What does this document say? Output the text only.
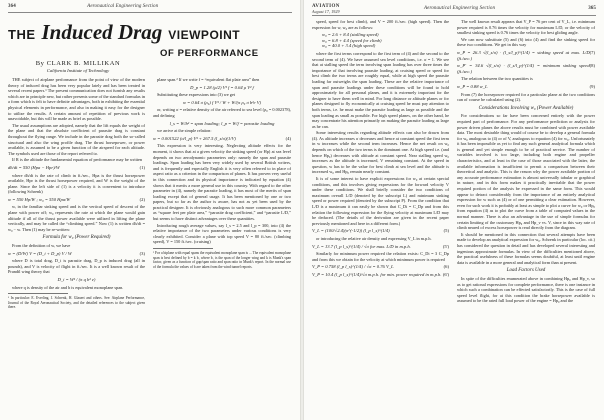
364	Aeronautical Engineering Section
THE Induced Drag VIEWPOINT
OF PERFORMANCE
By CLARK B. MILLIKAN
California Institute of Technology

THE subject of airplane performance from the point of view of the modern theory of induced drag has been very popular lately and has been treated in several recent papers.¹ The present communication does not furnish any results which are in principle new, but rather presents some of the standard formulas in a form which is felt to have definite advantages, both in exhibiting the essential physical elements in performance, and also in making it easy for the designer to utilize the results. A certain amount of repetition of previous work is unavoidable, but this will be made as brief as possible.

The usual assumptions are adopted, namely that the lift equals the weight of the plane and that the absolute coefficient of parasite drag is constant throughout the flying range. We include in the parasite drag both the so-called structural and also the wing profile drag. The thrust horsepower, or power available, is assumed to be a given function of the airspeed for each altitude. The symbols used are those of the report referred to.

If R is the altitude the fundamental equation of performance may be written

dh/dt = 550 (Hpa − Hpr)/W	(1)

where dh/dt is the rate of climb in ft./sec., Hpa is the thrust horsepower available, Hpr is the thrust horsepower required, and W is the weight of the plane. Since the left side of (1) is a velocity it is convenient to introduce (following Schrenk)

w = 550 Hp/W ; w₀ = 550 Hpa/W	(2)

w, in the familiar sinking speed and is the vertical speed of descent of the plane with power off; w₀ represents the rate at which the plane would gain altitude if all of the thrust power available were utilized in lifting the plane vertically, and may be called the “climbing speed.” Now (1) is written dh/dt = w₀ − w. Then (1) may be re-written:

Formula for w₀ (Power Required)

From the definition of w, we have

w = (D/W) V = (D_i + D_p) V / W	(3)

where D is total drag, D_i is parasite drag, D_p is induced drag (all in pounds), and V is velocity of flight in ft./sec. It is a well known result of the Prandtl wing theory that

D_i = W² / (π q b² e)

where q is density of the air and b is equivalent monoplane span.

¹ In particular: E. Everling, J. Schrenk, H. Glauert and others. See: Airplane Performance, Journal of the Royal Aeronautical Society, and the detailed references to the subject given there.

plane span.² If we write f = “equivalent flat plate area” then

D_p = 1.28 (ρ/2) V² f = 0.64 ρ V² f

Substituting these expressions into (3) we get

w = 0.64 σ (ρ₀) f V³ / W + W/(π ρ₀ σ b²e V)

or, writing σ = relative density of the air referred to sea level (ρ₀ = 0.002378), and defining

l_s = W/b² = span loading; l_p = W/f = parasite loading

we arrive at the simple relation:

w = 0.001522 (σ/l_p) V³ + 267.5 (l_s/σ)(1/V)	(4)

This expression is very interesting. Neglecting altitude effects for the moment, it shows that at a given velocity the sinking speed (or Hp) at sea level depends on two aerodynamic parameters only: namely the span and parasite loadings. Span loading has been very widely used by several British writers, and is frequently and especially English it is very often referred to in place of aspect ratio as a criterion in the comparison of planes. It has proven very useful in this connection and its physical importance is indicated by equation (4) shows that it merits a more general use in this country. With regard to the other parameter in (4), namely the parasite loading, it has most of the merits of span loading except that of general usage. It has been mentioned by one or two papers, but so far as the author is aware, has not as yet been used by the practical designer. It is obviously analogous to such more common parameters as “square feet per plate area,” “parasite drag coefficient,” and “parasite L/D,” but seems to have distinct advantages over these quantities.

Introducing rough average values, say l_s = 2.5 and l_p = 300, into (4) the relative importance of the two parameters under various conditions is very clearly exhibited. Consider a plane with top speed V = 80 ft./sec. (climbing speed), V = 150 ft./sec. (cruising)

² For a biplane with equal spans the equivalent monoplane span is ... The equivalent monoplane span is best defined by b = k b₁ where b₁ is the span of the longer wing and k is Munk's span factor, given as a function of gap/span ratio and span ratio in Munk's report. In the normal use of the formula the values of b are taken from the wind tunnel reports.
AVIATION
August 17, 1929
Aeronautical Engineering Section	365

speed, speed for best climb), and V = 200 ft./sec. (high speed). Then the expression for w, w₀ are as follows:

w₀ = 2.6 + 8.4 (stalling speed)
w₀ = 6.8 + 4.4 (speed for climb)
w₀ = 40.0 + 3.4 (high speed)

where the first terms correspond to the first term of (4) and the second to the second term of (4). We have assumed sea level conditions, i.e. σ = 1. We see that at stalling speed the term involving span loading has over three times the importance of that involving parasite loading, at cruising speed or speed for best climb the two terms are roughly equal, while at high speed the parasite loading far outweighs the span loading. These are the relative importance of span and parasite loadings under these conditions will be found to hold approximately for all personal planes, and it is extremely important for the designer to have them well in mind. For long distance or altitude planes or for planes designed to fly economically at cruising speed he must pay attention to both terms, i.e. he must make the parasite loading as large as possible and the span loading as small as possible. For high speed planes, on the other hand, he may concentrate his attention primarily on making the parasite loading as large as he can.

Some interesting results regarding altitude effects can also be drawn from (4). As altitude increases σ decreases and hence at constant speed the first term in w increases while the second term increases. Hence the net result on w₀ depends on which of the two terms is the dominant one. At high speed i.e. (and hence Hp₀) decreases with altitude at constant speed. Near stalling speed w₀ increases as the altitude is increased, V remaining constant. At the speed in question, w has to be the value for best climb at sea level and the altitude is increased w₀ and Hp₀ remain nearly constant.

It is of some interest to have explicit expressions for w₀ at certain special conditions, and this involves giving expressions for the forward velocity V under these conditions. We shall briefly consider the two conditions of maximum overall L/D (denoted by the subscript L) and minimum sinking speed or power required (denoted by the subscript P). From the condition that L/D is a maximum it can easily be shown that C_Di = C_Dp and from this relation the following expression for the flying velocity at maximum L/D may be deduced. (The details of the derivation are given in the recent paper previously mentioned and here in a different form.)

V_L = (100/√2.4)(σ^(-1/2)) (l_p l_s)^(1/4)	(5)

or introducing the relative air density and expressing V_L in m.p.h.

V_L = 13.7 (l_p l_s)^(1/4) / √σ for max. L/D in m.p.h.	(5')

Similarly for minimum power required the relation exists: C_Di = 3 C_Dp and from this we obtain for the velocity at which minimum power is required

V_P = 0.758 (l_p l_s)^(1/4) / √σ = 0.76 V_L	(6)
V_P = 10.4 (l_p l_s)^(1/4)/√σ m.p.h. for min. power required in m.p.h. (6')

The well known result appears that V_P = 76 per cent of V_L, i.e. minimum power required is 0.76 times the velocity for maximum L/D, or the velocity of smallest sinking speed is 0.76 times the velocity for best gliding angle.

We can now substitute (5) and (6) into (4) and find the sinking speed for these two conditions. We get in this way

w_P = 26.3 √(l_s/σ) · (l_s/l_p)^(1/4) = sinking speed at max. L/D (ft./sec.)
(7)
w_P' = 34.6 √(l_s/σ) · (l_s/l_p)^(1/4) = minimum sinking speed (ft./sec.)
(8)

The relation between the two quantities is

w_P = 0.88 w_L	(9)

From (7) the horsepower required for a particular plane at the two conditions can of course be calculated using (2).

Considerations Involving w₀ (Power Available)

For considerations so far have been concerned entirely with the power required part of performance. For any performance prediction or analysis for power driven planes the above results must be combined with power available data. The most desirable thing would of course be to develop a general formula for w₀ analogous to (4) or of V, analogous to equation (4) for w₀. Unfortunately it has been impossible as yet to find any such general analytical formula which is general and yet simple enough to be of practical service. The number of variables involved is too large, including both engine and propeller characteristics, and at least in the case of those associated with the latter, the available information is insufficient to permit a comparison between their theoretical and analytic. This is the reason why the power available portion of any accurate performance estimation is almost universally tabular or graphical in nature, and in this form makes it practically inevitable that the power required portion of the analysis be expressed in the same form. This would appear to detract considerably from the importance of an entirely analytical expression for w such as (4) or of one permitting a clear estimation. However, even for such work it is probably at least as simple to plot a curve for w₀ or Hp₀ from equation (4) as to plot the curve from a table of computed values in the normal manner. There is also an advantage in the use of simple formulas for certain limiting of the customary Hp₀ and Hp_v vs. V, since in this way rate of climb neared of excess horsepower is read directly from the diagram.

It should be mentioned in this connection that several attempts have been made to develop an analytical expression for w₀. Schrenk in particular (loc. cit.) has considered the question in detail and has developed several interesting and ingenious approximate formulas. In view of the difficulties mentioned above, the practical usefulness of these formulas seems doubtful, at least until engine data is available in a more general and analytical form than at present.

Load Factors Used

In spite of the difficulties enumerated above in combining Hp₀ and Hp_v, so as to get rational expressions for complete performance, there is one instance in which such a combination can be effected satisfactorily. This is the case of full speed level flight, for at this condition the brake horsepower available is assumed to be the rated full load power of the engine = Hp₀ and the
